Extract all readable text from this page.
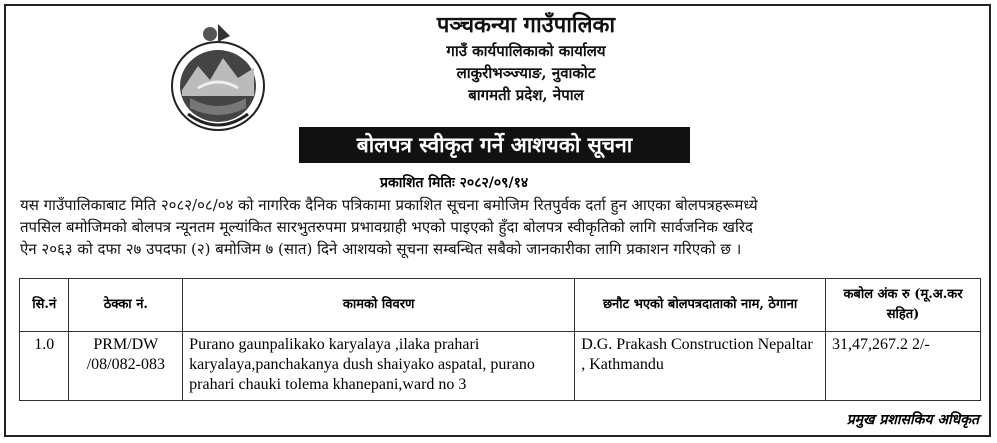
पञ्चकन्या गाउँपालिका
गाउँ कार्यपालिकाको कार्यालय
लाकुरीभञ्ज्याङ, नुवाकोट
बागमती प्रदेश, नेपाल
बोलपत्र स्वीकृत गर्ने आशयको सूचना
प्रकाशित मितिः २०८२/०९/१४
यस गाउँपालिकाबाट मिति २०८२/०८/०४ को नागरिक दैनिक पत्रिकामा प्रकाशित सूचना बमोजिम रितपुर्वक दर्ता हुन आएका बोलपत्रहरूमध्ये
तपसिल बमोजिमको बोलपत्र न्यूनतम मूल्यांकित सारभुतरुपमा प्रभावग्राही भएको पाइएको हुँदा बोलपत्र स्वीकृतिको लागि सार्वजनिक खरिद
ऐन २०६३ को दफा २७ उपदफा (२) बमोजिम ७ (सात) दिने आशयको सूचना सम्बन्धित सबैको जानकारीका लागि प्रकाशन गरिएको छ ।
सि.नं	ठेक्का नं.	कामको विवरण	छनौट भएको बोलपत्रदाताको नाम, ठेगाना	कबोल अंक रु (मू.अ.कर सहित)
1.0	PRM/DW /08/082-083	Purano gaunpalikako karyalaya ,ilaka prahari karyalaya,panchakanya dush shaiyako aspatal, purano prahari chauki tolema khanepani,ward no 3	D.G. Prakash Construction Nepaltar , Kathmandu	31,47,267.2 2/-
प्रमुख प्रशासकिय अधिकृत
